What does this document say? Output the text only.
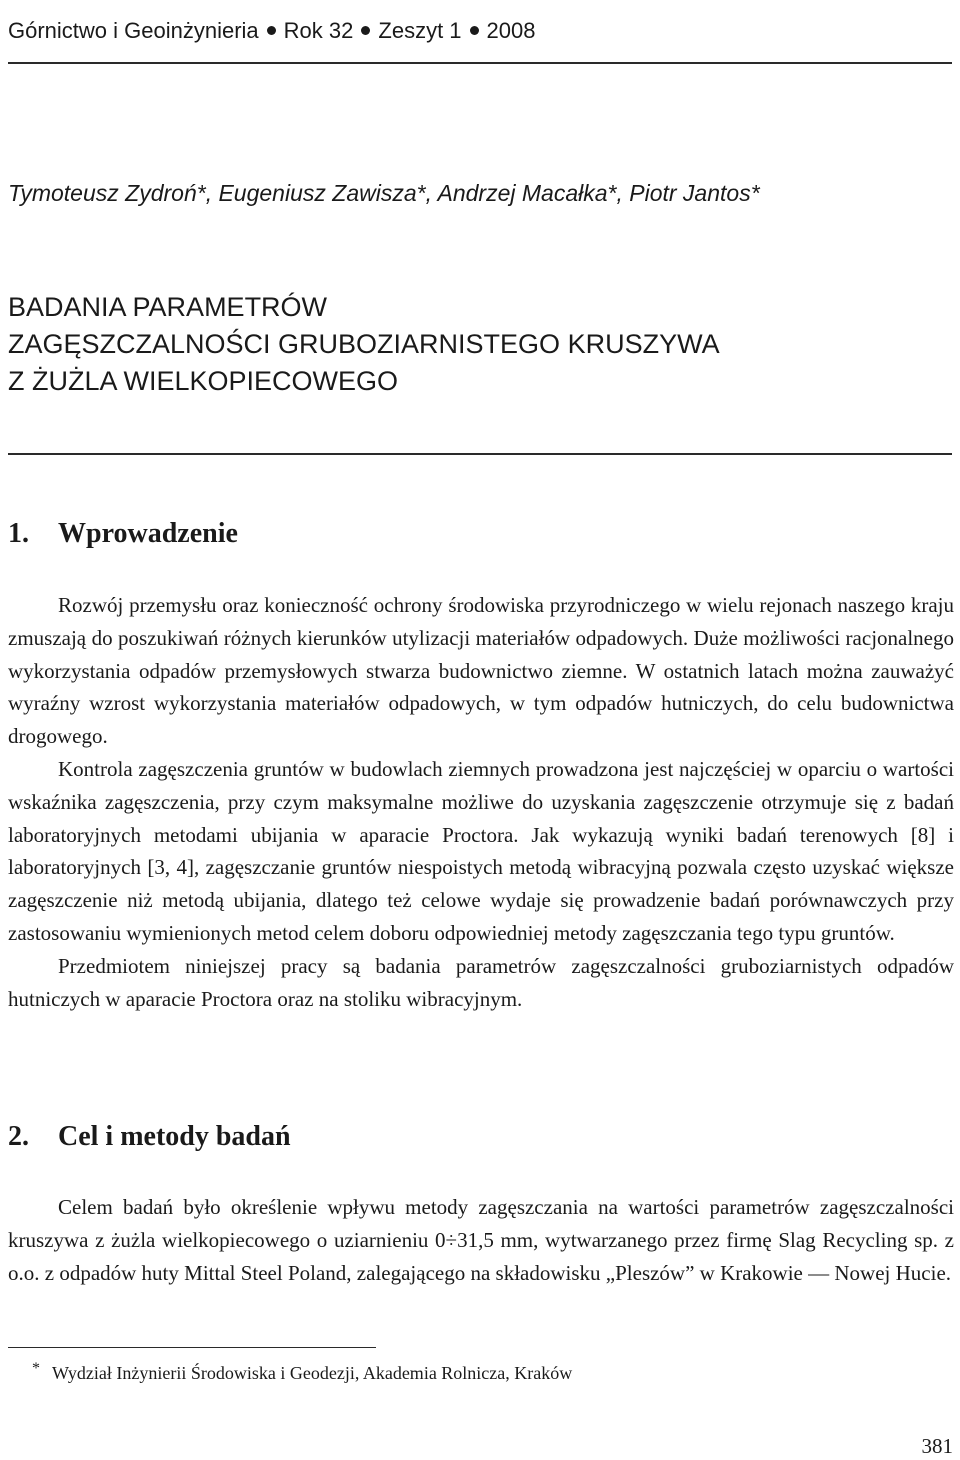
Górnictwo i Geoinżynieria Rok 32 Zeszyt 1 2008
Tymoteusz Zydroń*, Eugeniusz Zawisza*, Andrzej Macałka*, Piotr Jantos*
BADANIA PARAMETRÓW
ZAGĘSZCZALNOŚCI GRUBOZIARNISTEGO KRUSZYWA
Z ŻUŻLA WIELKOPIECOWEGO
1. Wprowadzenie

Rozwój przemysłu oraz konieczność ochrony środowiska przyrodniczego w wielu rejonach naszego kraju zmuszają do poszukiwań różnych kierunków utylizacji materiałów odpadowych. Duże możliwości racjonalnego wykorzystania odpadów przemysłowych stwarza budownictwo ziemne. W ostatnich latach można zauważyć wyraźny wzrost wykorzystania materiałów odpadowych, w tym odpadów hutniczych, do celu budownictwa drogowego.

Kontrola zagęszczenia gruntów w budowlach ziemnych prowadzona jest najczęściej w oparciu o wartości wskaźnika zagęszczenia, przy czym maksymalne możliwe do uzyskania zagęszczenie otrzymuje się z badań laboratoryjnych metodami ubijania w aparacie Proctora. Jak wykazują wyniki badań terenowych [8] i laboratoryjnych [3, 4], zagęszczanie gruntów niespoistych metodą wibracyjną pozwala często uzyskać większe zagęszczenie niż metodą ubijania, dlatego też celowe wydaje się prowadzenie badań porównawczych przy zastosowaniu wymienionych metod celem doboru odpowiedniej metody zagęszczania tego typu gruntów.

Przedmiotem niniejszej pracy są badania parametrów zagęszczalności gruboziarnistych odpadów hutniczych w aparacie Proctora oraz na stoliku wibracyjnym.

2. Cel i metody badań

Celem badań było określenie wpływu metody zagęszczania na wartości parametrów zagęszczalności kruszywa z żużla wielkopiecowego o uziarnieniu 0÷31,5 mm, wytwarzanego przez firmę Slag Recycling sp. z o.o. z odpadów huty Mittal Steel Poland, zalegającego na składowisku „Pleszów” w Krakowie — Nowej Hucie.

* Wydział Inżynierii Środowiska i Geodezji, Akademia Rolnicza, Kraków
381
